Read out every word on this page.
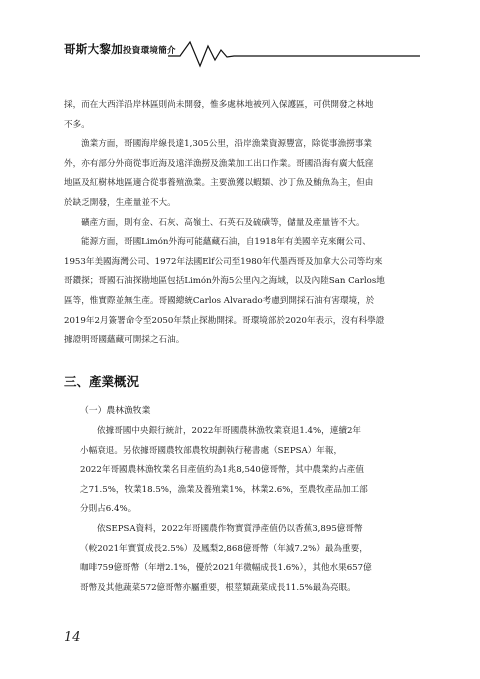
哥斯大黎加投資環境簡介

採，而在大西洋沿岸林區則尚未開發，惟多處林地被列入保護區，可供開發之林地
不多。

漁業方面，哥國海岸線長達1,305公里，沿岸漁業資源豐富，除從事漁撈事業
外，亦有部分外商從事近海及遠洋漁撈及漁業加工出口作業。哥國沿海有廣大低窪
地區及紅樹林地區適合從事養殖漁業。主要漁獲以蝦類、沙丁魚及鮪魚為主，但由
於缺乏開發，生產量並不大。

礦產方面，則有金、石灰、高嶺土、石英石及硫磺等，儲量及產量皆不大。

能源方面，哥國Limón外海可能蘊藏石油，自1918年有美國辛克來爾公司、
1953年美國海灣公司、1972年法國Elf公司至1980年代墨西哥及加拿大公司等均來
哥鑽探；哥國石油探勘地區包括Limón外海5公里內之海域，以及內陸San Carlos地
區等，惟實際並無生產。哥國總統Carlos Alvarado考慮到開採石油有害環境，於
2019年2月簽署命令至2050年禁止探勘開採。哥環境部於2020年表示，沒有科學證
據證明哥國蘊藏可開採之石油。

三、產業概況
（一）農林漁牧業

依據哥國中央銀行統計，2022年哥國農林漁牧業衰退1.4%，連續2年
小幅衰退。另依據哥國農牧部農牧規劃執行秘書處（SEPSA）年報，
2022年哥國農林漁牧業名目產值約為1兆8,540億哥幣，其中農業約占產值
之71.5%，牧業18.5%，漁業及養殖業1%，林業2.6%，至農牧產品加工部
分則占6.4%。

依SEPSA資料，2022年哥國農作物實質淨產值仍以香蕉3,895億哥幣
（較2021年實質成長2.5%）及鳳梨2,868億哥幣（年減7.2%）最為重要，
咖啡759億哥幣（年增2.1%，優於2021年微幅成長1.6%），其他水果657億
哥幣及其他蔬菜572億哥幣亦屬重要，根莖類蔬菜成長11.5%最為亮眼。

14
